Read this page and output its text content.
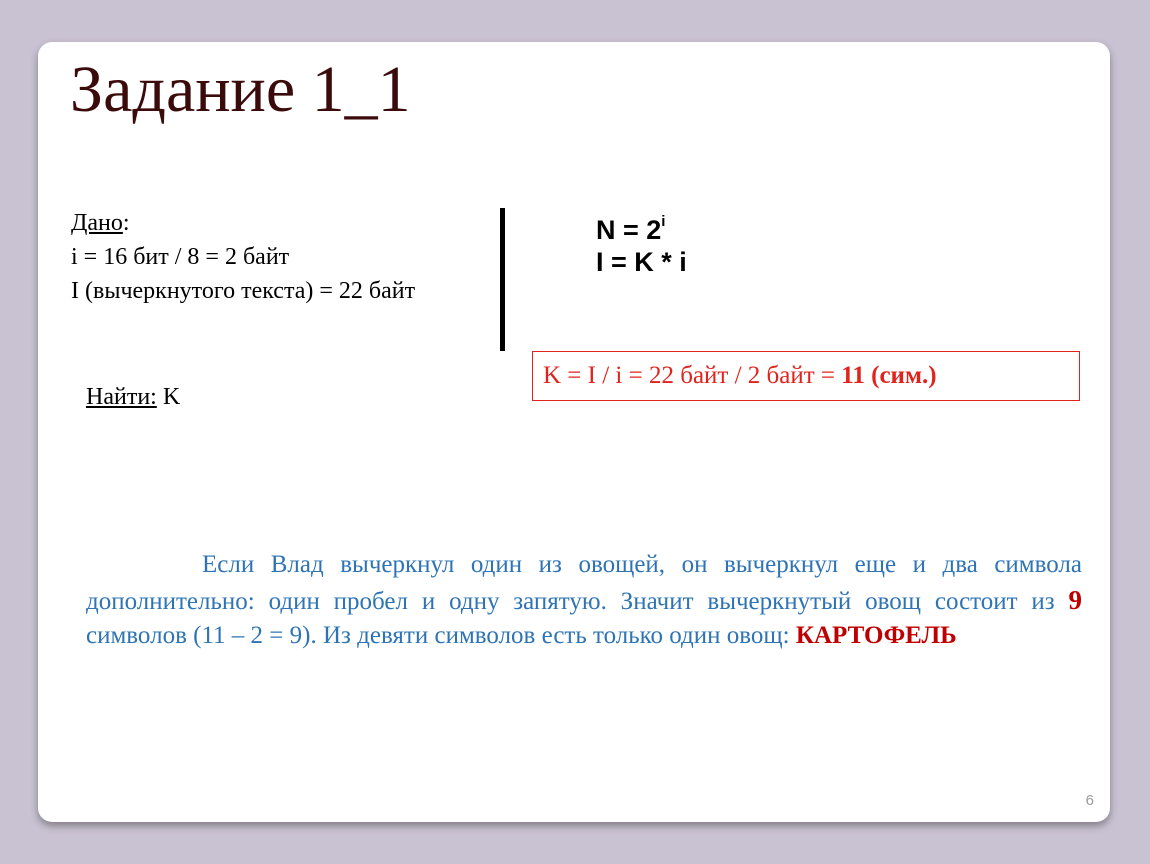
Задание 1_1
Дано:
i = 16 бит / 8 = 2 байт
I (вычеркнутого текста) = 22 байт
$N = 2^i$
I = K * i
K = I / i = 22 байт / 2 байт = 11 (сим.)
Найти: K
Если Влад вычеркнул один из овощей, он вычеркнул еще и два символа дополнительно: один пробел и одну запятую. Значит вычеркнутый овощ состоит из 9 символов (11 – 2 = 9). Из девяти символов есть только один овощ: КАРТОФЕЛЬ
6
